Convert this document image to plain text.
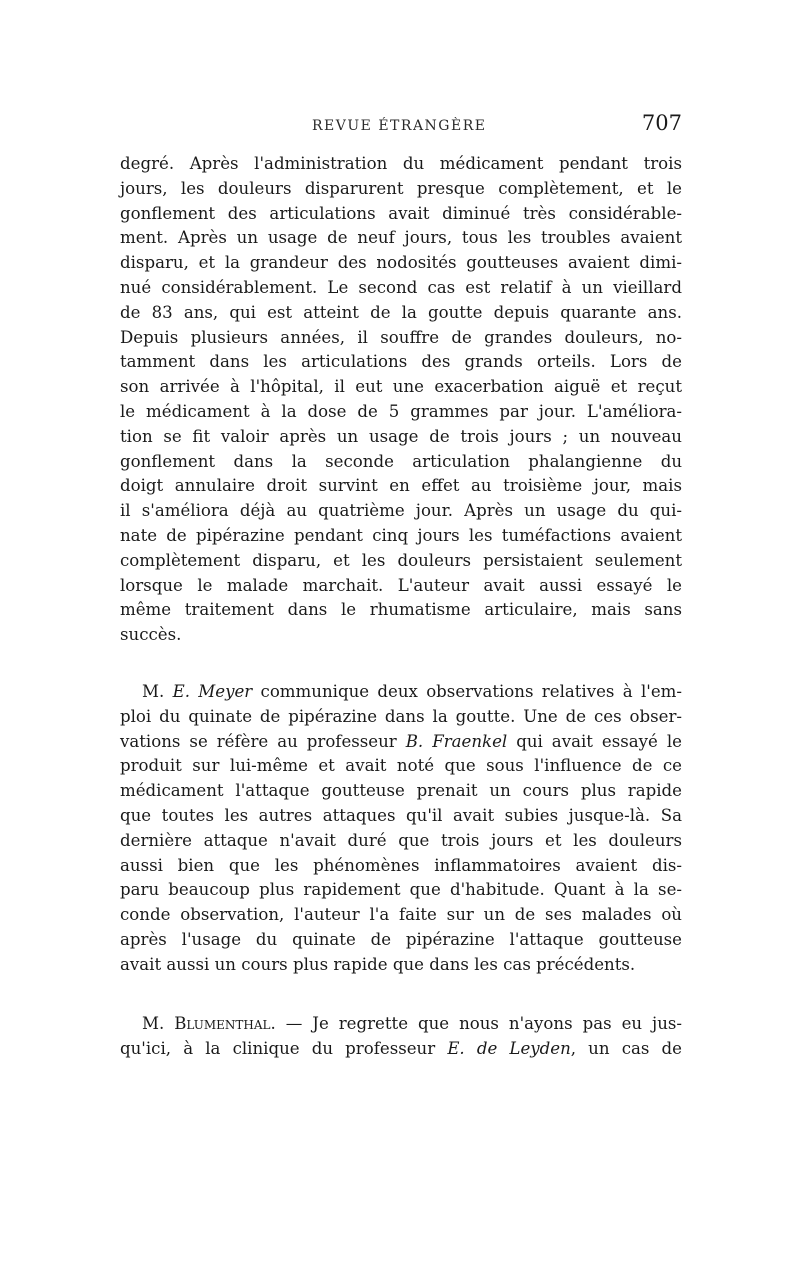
REVUE ÉTRANGÈRE	707
degré. Après l'administration du médicament pendant trois
jours, les douleurs disparurent presque complètement, et le
gonflement des articulations avait diminué très considérable-
ment. Après un usage de neuf jours, tous les troubles avaient
disparu, et la grandeur des nodosités goutteuses avaient dimi-
nué considérablement. Le second cas est relatif à un vieillard
de 83 ans, qui est atteint de la goutte depuis quarante ans.
Depuis plusieurs années, il souffre de grandes douleurs, no-
tamment dans les articulations des grands orteils. Lors de
son arrivée à l'hôpital, il eut une exacerbation aiguë et reçut
le médicament à la dose de 5 grammes par jour. L'améliora-
tion se fit valoir après un usage de trois jours ; un nouveau
gonflement dans la seconde articulation phalangienne du
doigt annulaire droit survint en effet au troisième jour, mais
il s'améliora déjà au quatrième jour. Après un usage du qui-
nate de pipérazine pendant cinq jours les tuméfactions avaient
complètement disparu, et les douleurs persistaient seulement
lorsque le malade marchait. L'auteur avait aussi essayé le
même traitement dans le rhumatisme articulaire, mais sans
succès.
M. E. Meyer communique deux observations relatives à l'em-
ploi du quinate de pipérazine dans la goutte. Une de ces obser-
vations se réfère au professeur B. Fraenkel qui avait essayé le
produit sur lui-même et avait noté que sous l'influence de ce
médicament l'attaque goutteuse prenait un cours plus rapide
que toutes les autres attaques qu'il avait subies jusque-là. Sa
dernière attaque n'avait duré que trois jours et les douleurs
aussi bien que les phénomènes inflammatoires avaient dis-
paru beaucoup plus rapidement que d'habitude. Quant à la se-
conde observation, l'auteur l'a faite sur un de ses malades où
après l'usage du quinate de pipérazine l'attaque goutteuse
avait aussi un cours plus rapide que dans les cas précédents.
M. Blumenthal. — Je regrette que nous n'ayons pas eu jus-
qu'ici, à la clinique du professeur E. de Leyden, un cas de
